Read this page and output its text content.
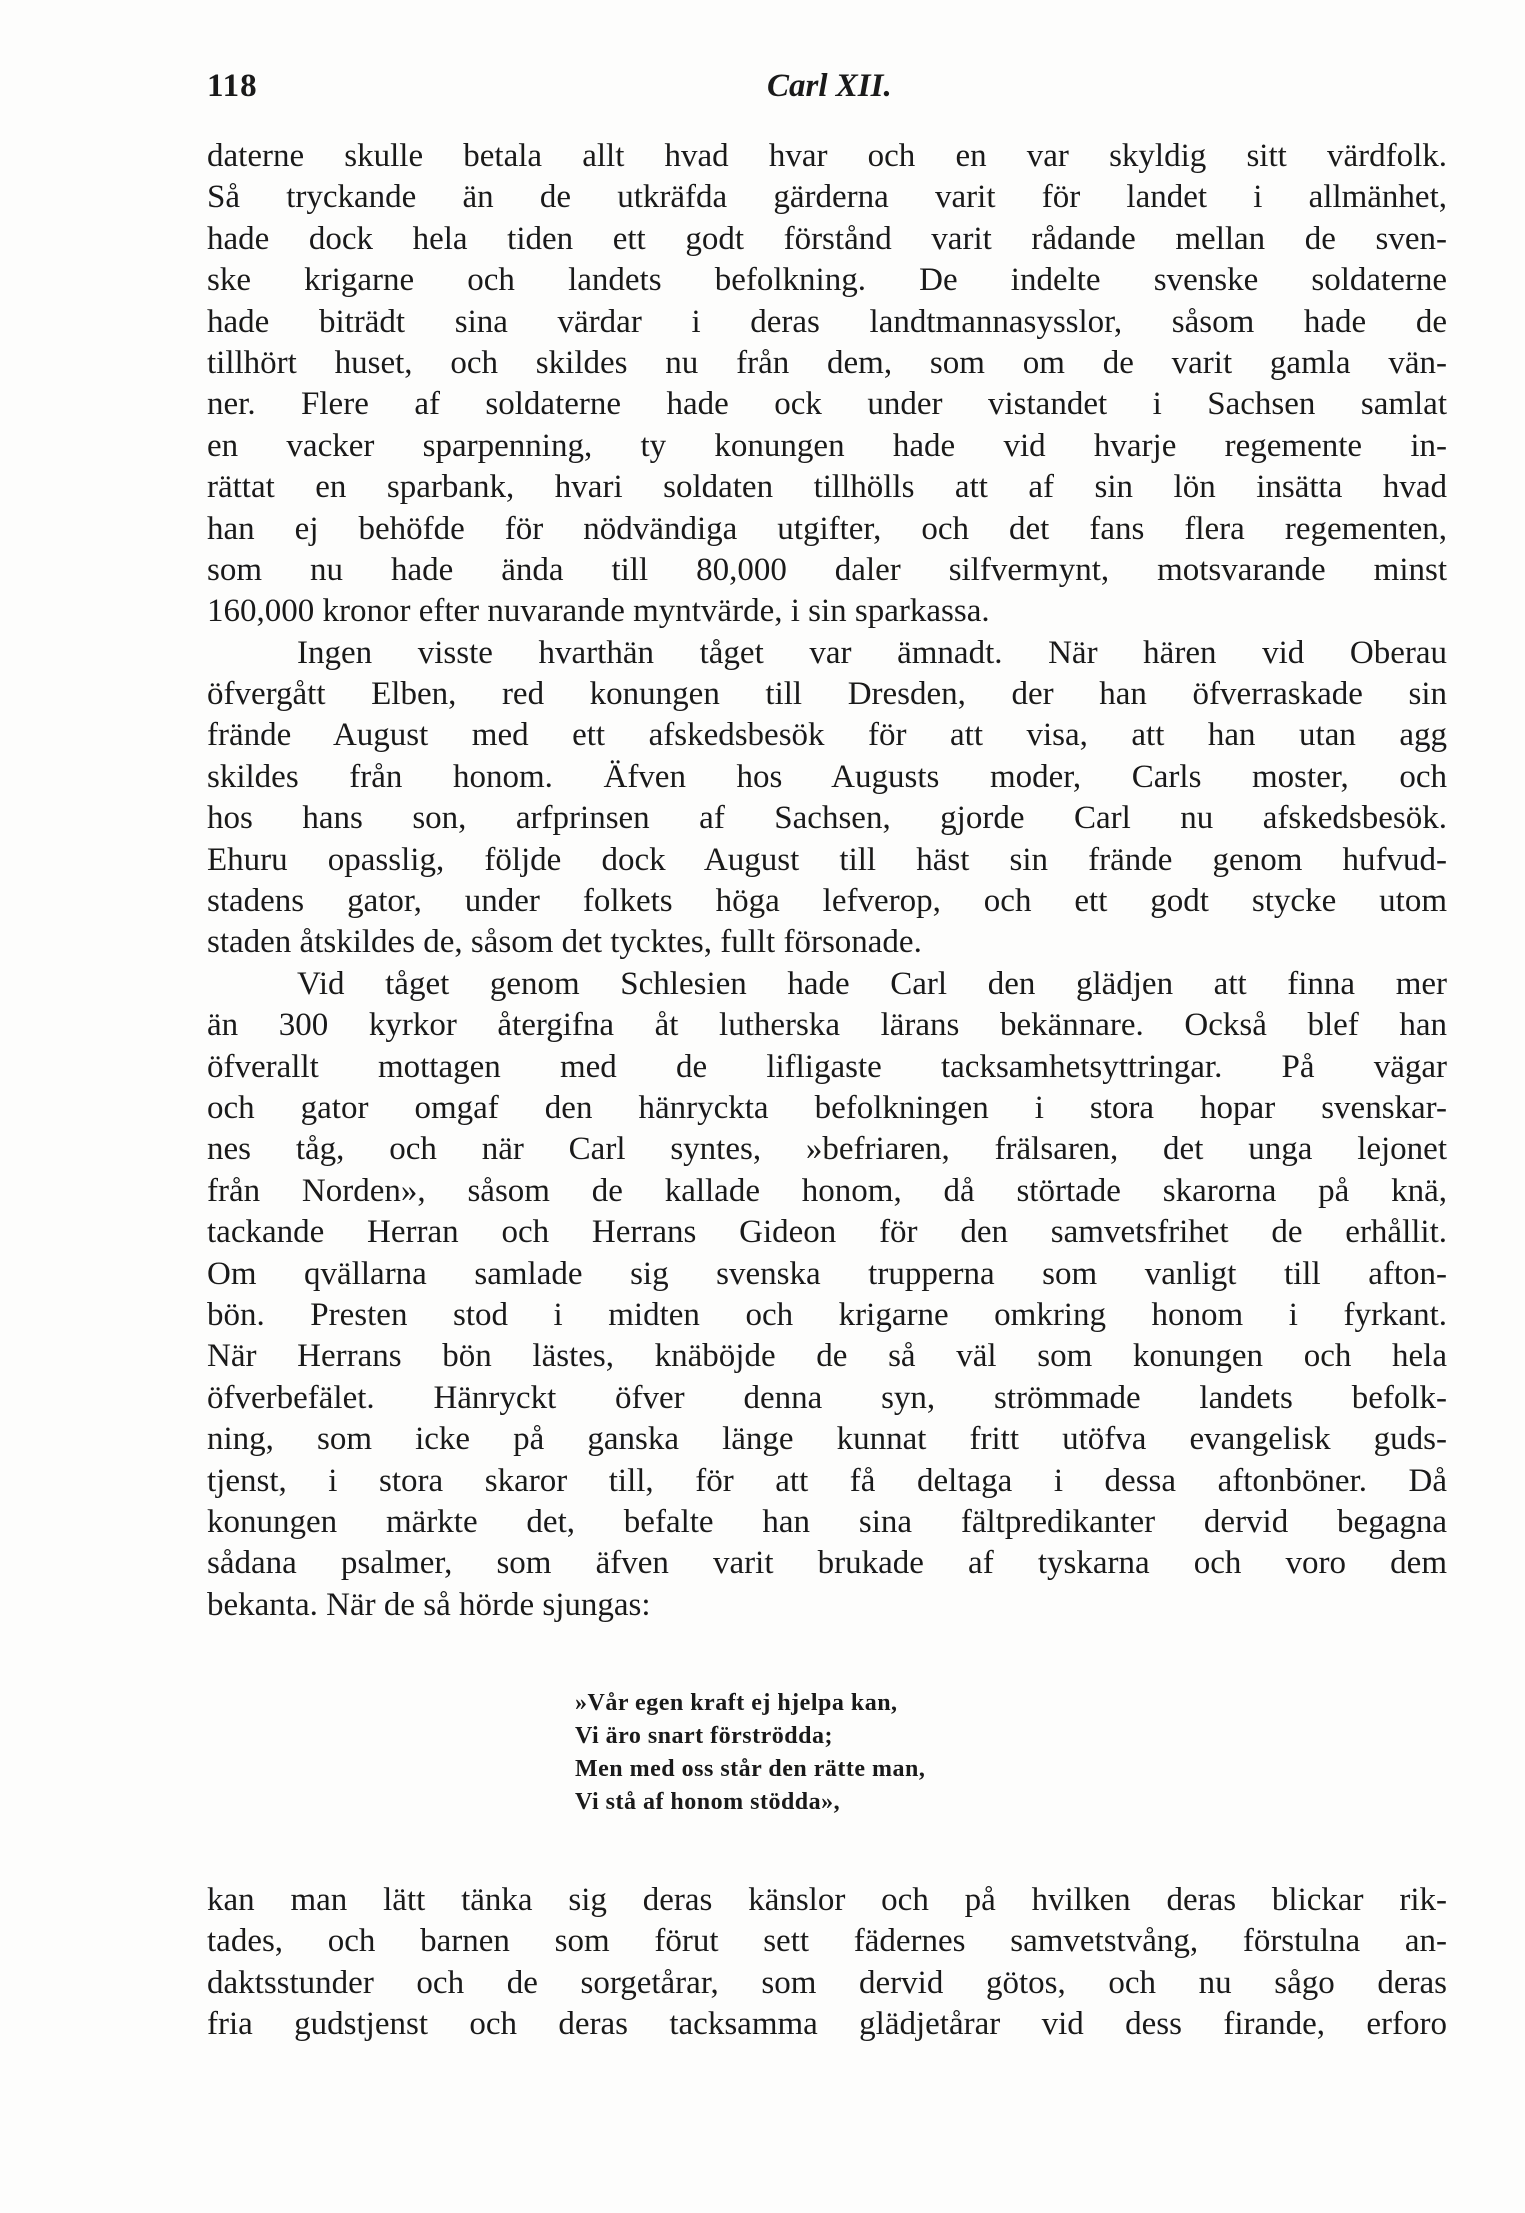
118	Carl XII.
daterne skulle betala allt hvad hvar och en var skyldig sitt värdfolk.
Så tryckande än de utkräfda gärderna varit för landet i allmänhet,
hade dock hela tiden ett godt förstånd varit rådande mellan de sven-
ske krigarne och landets befolkning. De indelte svenske soldaterne
hade biträdt sina värdar i deras landtmannasysslor, såsom hade de
tillhört huset, och skildes nu från dem, som om de varit gamla vän-
ner. Flere af soldaterne hade ock under vistandet i Sachsen samlat
en vacker sparpenning, ty konungen hade vid hvarje regemente in-
rättat en sparbank, hvari soldaten tillhölls att af sin lön insätta hvad
han ej behöfde för nödvändiga utgifter, och det fans flera regementen,
som nu hade ända till 80,000 daler silfvermynt, motsvarande minst
160,000 kronor efter nuvarande myntvärde, i sin sparkassa.
Ingen visste hvarthän tåget var ämnadt. När hären vid Oberau
öfvergått Elben, red konungen till Dresden, der han öfverraskade sin
frände August med ett afskedsbesök för att visa, att han utan agg
skildes från honom. Äfven hos Augusts moder, Carls moster, och
hos hans son, arfprinsen af Sachsen, gjorde Carl nu afskedsbesök.
Ehuru opasslig, följde dock August till häst sin frände genom hufvud-
stadens gator, under folkets höga lefverop, och ett godt stycke utom
staden åtskildes de, såsom det tycktes, fullt försonade.
Vid tåget genom Schlesien hade Carl den glädjen att finna mer
än 300 kyrkor återgifna åt lutherska lärans bekännare. Också blef han
öfverallt mottagen med de lifligaste tacksamhetsyttringar. På vägar
och gator omgaf den hänryckta befolkningen i stora hopar svenskar-
nes tåg, och när Carl syntes, »befriaren, frälsaren, det unga lejonet
från Norden», såsom de kallade honom, då störtade skarorna på knä,
tackande Herran och Herrans Gideon för den samvetsfrihet de erhållit.
Om qvällarna samlade sig svenska trupperna som vanligt till afton-
bön. Presten stod i midten och krigarne omkring honom i fyrkant.
När Herrans bön lästes, knäböjde de så väl som konungen och hela
öfverbefälet. Hänryckt öfver denna syn, strömmade landets befolk-
ning, som icke på ganska länge kunnat fritt utöfva evangelisk guds-
tjenst, i stora skaror till, för att få deltaga i dessa aftonböner. Då
konungen märkte det, befalte han sina fältpredikanter dervid begagna
sådana psalmer, som äfven varit brukade af tyskarna och voro dem
bekanta. När de så hörde sjungas:
»Vår egen kraft ej hjelpa kan,
Vi äro snart förströdda;
Men med oss står den rätte man,
Vi stå af honom stödda»,
kan man lätt tänka sig deras känslor och på hvilken deras blickar rik-
tades, och barnen som förut sett fädernes samvetstvång, förstulna an-
daktsstunder och de sorgetårar, som dervid götos, och nu sågo deras
fria gudstjenst och deras tacksamma glädjetårar vid dess firande, erforo
